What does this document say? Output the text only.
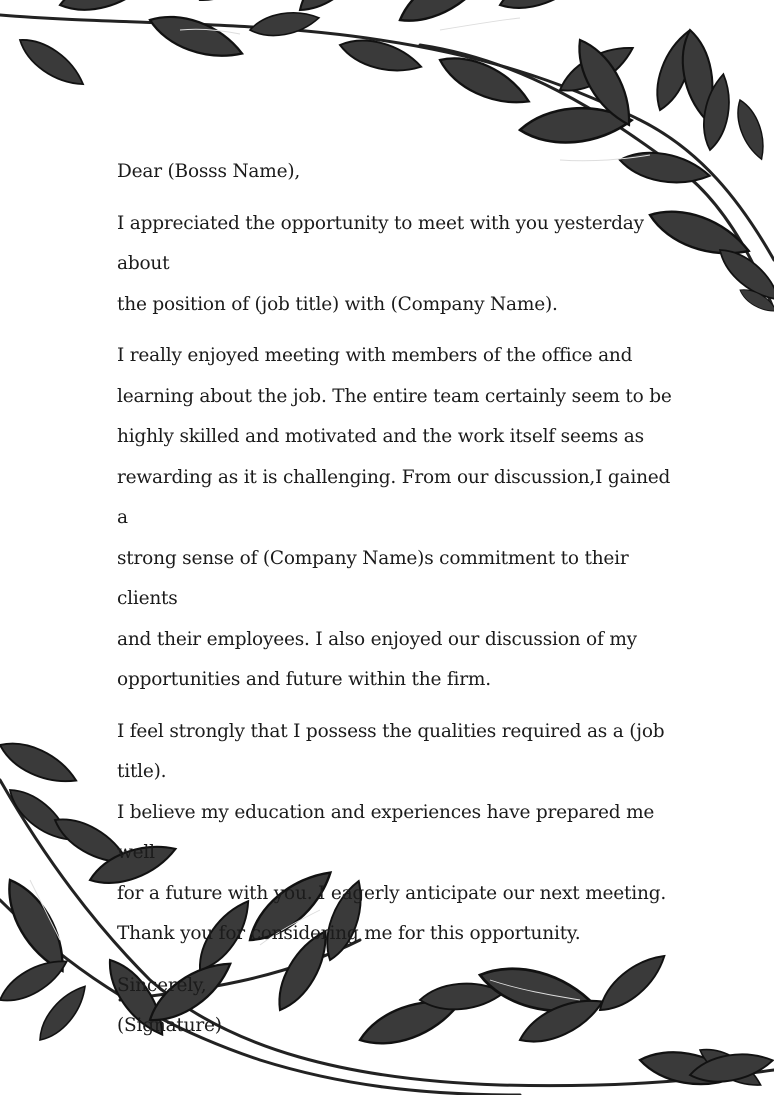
Dear (Bosss Name),

I appreciated the opportunity to meet with you yesterday about
the position of (job title) with (Company Name).

I really enjoyed meeting with members of the office and
learning about the job. The entire team certainly seem to be
highly skilled and motivated and the work itself seems as
rewarding as it is challenging. From our discussion,I gained a
strong sense of (Company Name)s commitment to their clients
and their employees. I also enjoyed our discussion of my
opportunities and future within the firm.

I feel strongly that I possess the qualities required as a (job title).
I believe my education and experiences have prepared me well
for a future with you. I eagerly anticipate our next meeting.
Thank you for considering me for this opportunity.

Sincerely,

(Signature)
